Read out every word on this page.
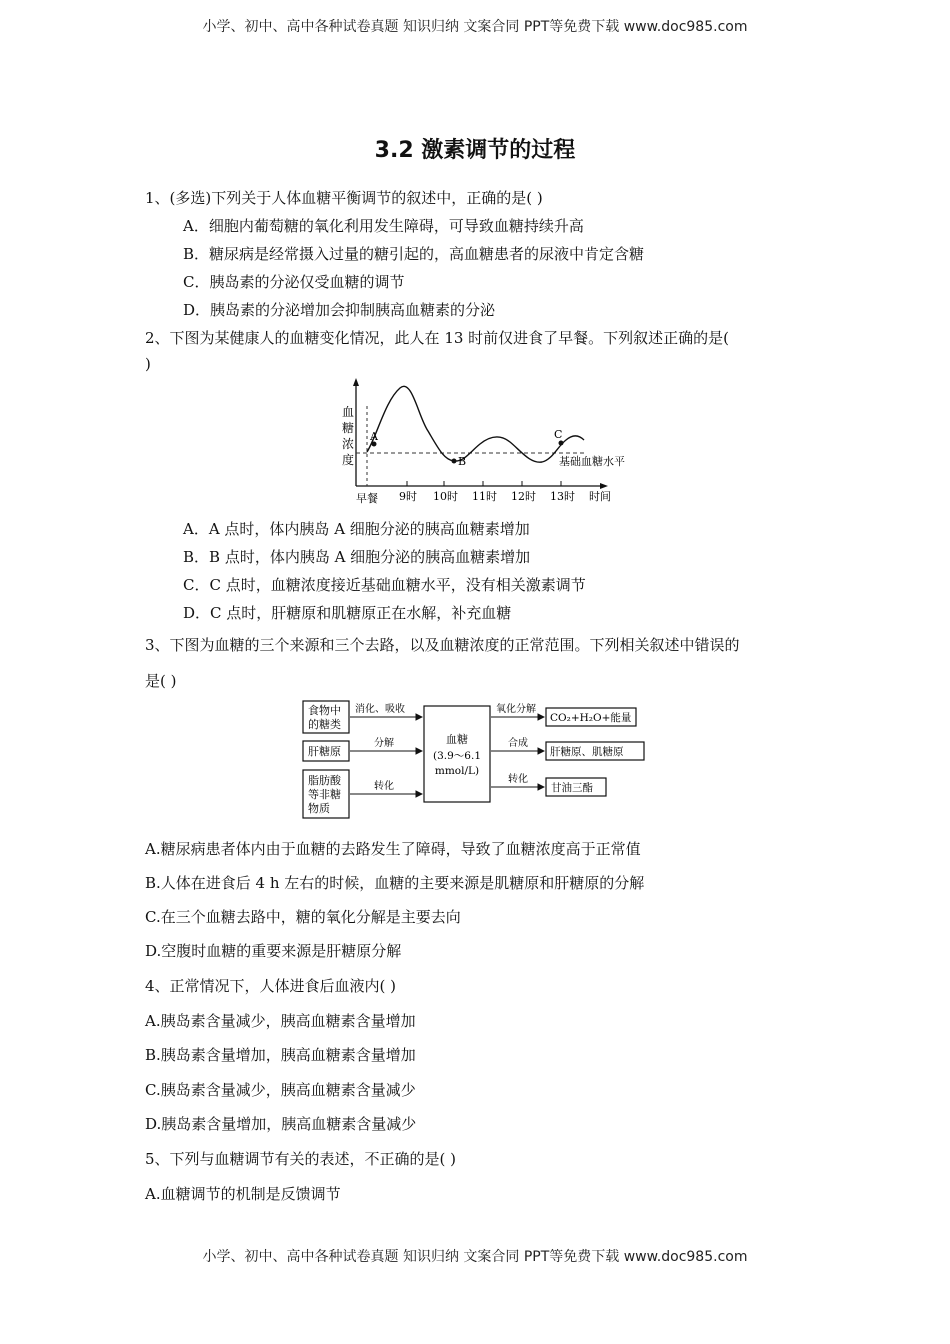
小学、初中、高中各种试卷真题 知识归纳 文案合同 PPT等免费下载 www.doc985.com
3.2 激素调节的过程
1、(多选)下列关于人体血糖平衡调节的叙述中，正确的是( )
A．细胞内葡萄糖的氧化利用发生障碍，可导致血糖持续升高
B．糖尿病是经常摄入过量的糖引起的，高血糖患者的尿液中肯定含糖
C．胰岛素的分泌仅受血糖的调节
D．胰岛素的分泌增加会抑制胰高血糖素的分泌
2、下图为某健康人的血糖变化情况，此人在 13 时前仅进食了早餐。下列叙述正确的是(
)
A
B
C
基础血糖水平
血
糖
浓
度
早餐 9时 10时 11时 12时 13时 时间
A．A 点时，体内胰岛 A 细胞分泌的胰高血糖素增加
B．B 点时，体内胰岛 A 细胞分泌的胰高血糖素增加
C．C 点时，血糖浓度接近基础血糖水平，没有相关激素调节
D．C 点时，肝糖原和肌糖原正在水解，补充血糖
3、下图为血糖的三个来源和三个去路，以及血糖浓度的正常范围。下列相关叙述中错误的
是( )
食物中
的糖类
肝糖原
脂肪酸
等非糖
物质
消化、吸收
分解
转化
血糖
(3.9～6.1
mmol/L)
氧化分解
合成
转化
CO₂+H₂O+能量
肝糖原、肌糖原
甘油三酯
A.糖尿病患者体内由于血糖的去路发生了障碍，导致了血糖浓度高于正常值
B.人体在进食后 4 h 左右的时候，血糖的主要来源是肌糖原和肝糖原的分解
C.在三个血糖去路中，糖的氧化分解是主要去向
D.空腹时血糖的重要来源是肝糖原分解
4、正常情况下，人体进食后血液内( )
A.胰岛素含量减少，胰高血糖素含量增加
B.胰岛素含量增加，胰高血糖素含量增加
C.胰岛素含量减少，胰高血糖素含量减少
D.胰岛素含量增加，胰高血糖素含量减少
5、下列与血糖调节有关的表述，不正确的是( )
A.血糖调节的机制是反馈调节
小学、初中、高中各种试卷真题 知识归纳 文案合同 PPT等免费下载 www.doc985.com
